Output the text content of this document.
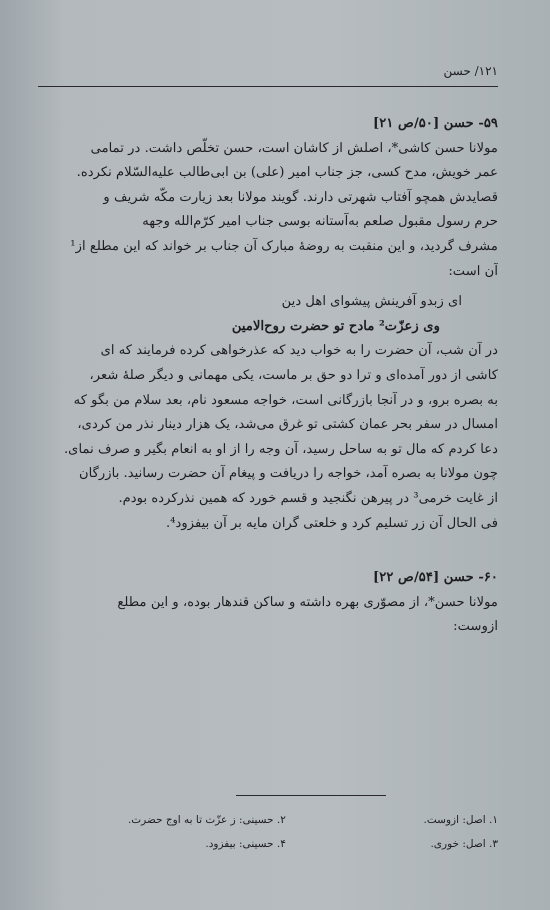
۱۲۱/ حسن

۵۹- حسن [۵۰/ص ۲۱]

مولانا حسن کاشی*، اصلش از کاشان است، حسن تخلّص داشت. در تمامی

عمر خویش، مدح کسی، جز جناب امیر (علی) بن ابی‌طالب علیه‌السّلام نکرده.

قصایدش همچو آفتاب شهرتی دارند. گویند مولانا بعد زیارت مکّه شریف و

حرم رسول مقبول صلعم به‌آستانه بوسی جناب امیر کرّم‌الله وجهه

مشرف گردید، و این منقبت به روضهٔ مبارک آن جناب بر خواند که این مطلع از¹

آن است:

ای زبدو آفرینش پیشوای اهل دین

وی زعزّت² مادح تو حضرت روح‌الامین

در آن شب، آن حضرت را به خواب دید که عذرخواهی کرده فرمایند که ای

کاشی از دور آمده‌ای و ترا دو حق بر ماست، یکی مهمانی و دیگر صلهٔ شعر،

به بصره برو، و در آنجا بازرگانی است، خواجه مسعود نام، بعد سلام من بگو که

امسال در سفر بحر عمان کشتی تو غرق می‌شد، یک هزار دینار نذر من کردی،

دعا کردم که مال تو به ساحل رسید، آن وجه را از او به انعام بگیر و صرف نمای.

چون مولانا به بصره آمد، خواجه را دریافت و پیغام آن حضرت رسانید. بازرگان

از غایت خرمی³ در پیرهن نگنجید و قسم خورد که همین نذرکرده بودم.

فی الحال آن زر تسلیم کرد و خلعتی گران مایه بر آن بیفزود⁴.

۶۰- حسن [۵۴/ص ۲۲]

مولانا حسن*، از مصوّری بهره داشته و ساکن قندهار بوده، و این مطلع

ازوست:

۱. اصل: ازوست.
۲. حسینی: ز عزّت تا به اوج حضرت.
۳. اصل: خوری.
۴. حسینی: بیفزود.
